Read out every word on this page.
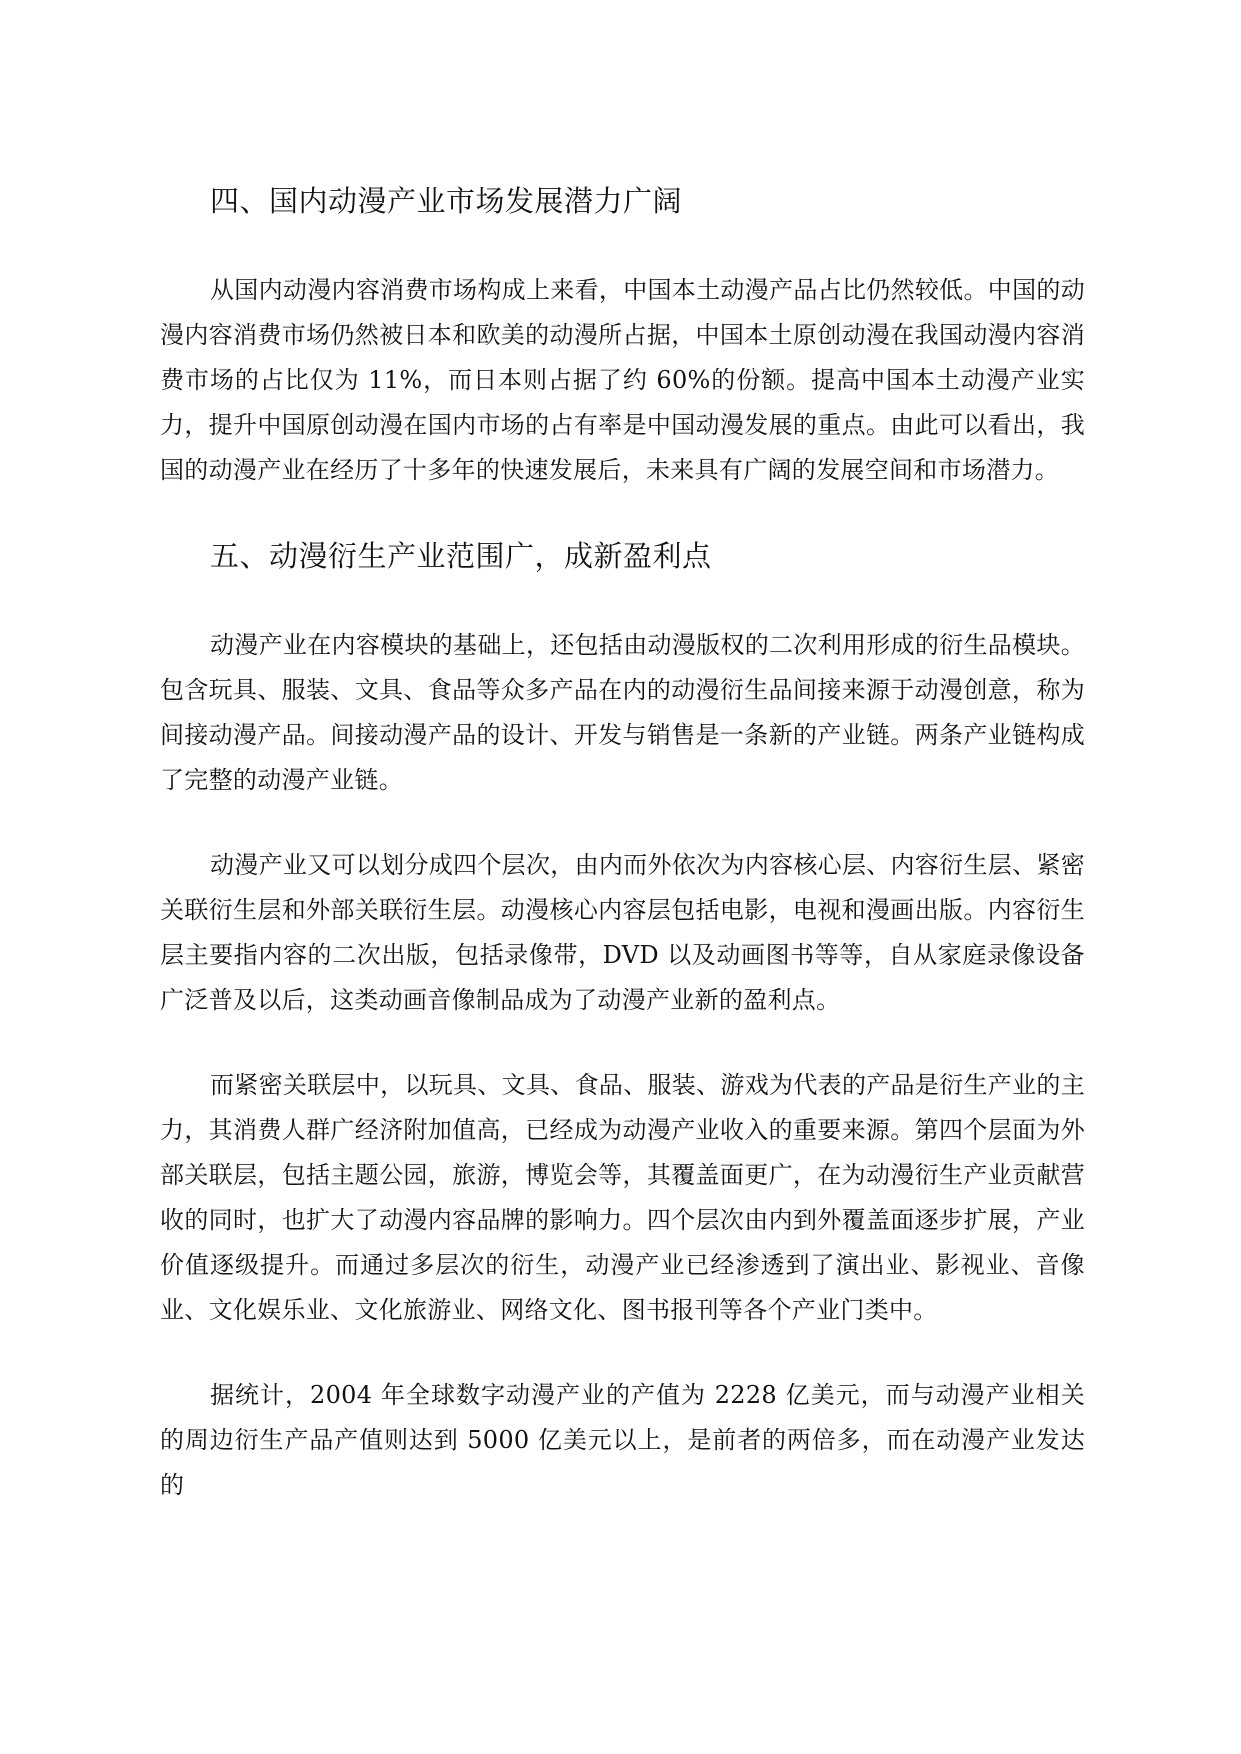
四、国内动漫产业市场发展潜力广阔

从国内动漫内容消费市场构成上来看，中国本土动漫产品占比仍然较低。中国的动漫内容消费市场仍然被日本和欧美的动漫所占据，中国本土原创动漫在我国动漫内容消费市场的占比仅为 11%，而日本则占据了约 60%的份额。提高中国本土动漫产业实力，提升中国原创动漫在国内市场的占有率是中国动漫发展的重点。由此可以看出，我国的动漫产业在经历了十多年的快速发展后，未来具有广阔的发展空间和市场潜力。

五、动漫衍生产业范围广，成新盈利点

动漫产业在内容模块的基础上，还包括由动漫版权的二次利用形成的衍生品模块。包含玩具、服装、文具、食品等众多产品在内的动漫衍生品间接来源于动漫创意，称为间接动漫产品。间接动漫产品的设计、开发与销售是一条新的产业链。两条产业链构成了完整的动漫产业链。

动漫产业又可以划分成四个层次，由内而外依次为内容核心层、内容衍生层、紧密关联衍生层和外部关联衍生层。动漫核心内容层包括电影，电视和漫画出版。内容衍生层主要指内容的二次出版，包括录像带，DVD 以及动画图书等等，自从家庭录像设备广泛普及以后，这类动画音像制品成为了动漫产业新的盈利点。

而紧密关联层中，以玩具、文具、食品、服装、游戏为代表的产品是衍生产业的主力，其消费人群广经济附加值高，已经成为动漫产业收入的重要来源。第四个层面为外部关联层，包括主题公园，旅游，博览会等，其覆盖面更广，在为动漫衍生产业贡献营收的同时，也扩大了动漫内容品牌的影响力。四个层次由内到外覆盖面逐步扩展，产业价值逐级提升。而通过多层次的衍生，动漫产业已经渗透到了演出业、影视业、音像业、文化娱乐业、文化旅游业、网络文化、图书报刊等各个产业门类中。

据统计，2004 年全球数字动漫产业的产值为 2228 亿美元，而与动漫产业相关的周边衍生产品产值则达到 5000 亿美元以上，是前者的两倍多，而在动漫产业发达的
